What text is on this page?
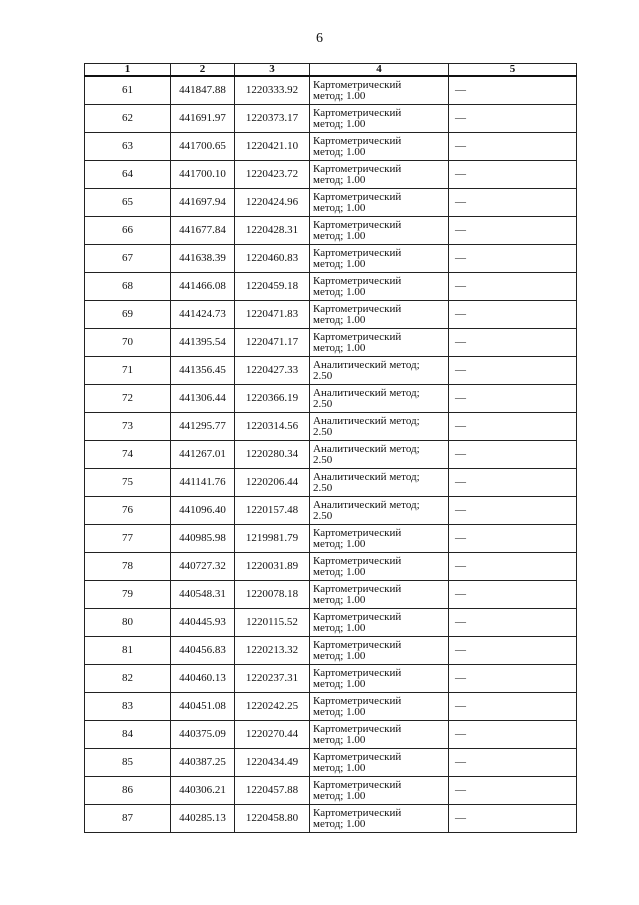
6
1	2	3	4	5
61	441847.88	1220333.92	Картометрический
метод; 1.00	—
62	441691.97	1220373.17	Картометрический
метод; 1.00	—
63	441700.65	1220421.10	Картометрический
метод; 1.00	—
64	441700.10	1220423.72	Картометрический
метод; 1.00	—
65	441697.94	1220424.96	Картометрический
метод; 1.00	—
66	441677.84	1220428.31	Картометрический
метод; 1.00	—
67	441638.39	1220460.83	Картометрический
метод; 1.00	—
68	441466.08	1220459.18	Картометрический
метод; 1.00	—
69	441424.73	1220471.83	Картометрический
метод; 1.00	—
70	441395.54	1220471.17	Картометрический
метод; 1.00	—
71	441356.45	1220427.33	Аналитический метод;
2.50	—
72	441306.44	1220366.19	Аналитический метод;
2.50	—
73	441295.77	1220314.56	Аналитический метод;
2.50	—
74	441267.01	1220280.34	Аналитический метод;
2.50	—
75	441141.76	1220206.44	Аналитический метод;
2.50	—
76	441096.40	1220157.48	Аналитический метод;
2.50	—
77	440985.98	1219981.79	Картометрический
метод; 1.00	—
78	440727.32	1220031.89	Картометрический
метод; 1.00	—
79	440548.31	1220078.18	Картометрический
метод; 1.00	—
80	440445.93	1220115.52	Картометрический
метод; 1.00	—
81	440456.83	1220213.32	Картометрический
метод; 1.00	—
82	440460.13	1220237.31	Картометрический
метод; 1.00	—
83	440451.08	1220242.25	Картометрический
метод; 1.00	—
84	440375.09	1220270.44	Картометрический
метод; 1.00	—
85	440387.25	1220434.49	Картометрический
метод; 1.00	—
86	440306.21	1220457.88	Картометрический
метод; 1.00	—
87	440285.13	1220458.80	Картометрический
метод; 1.00	—
